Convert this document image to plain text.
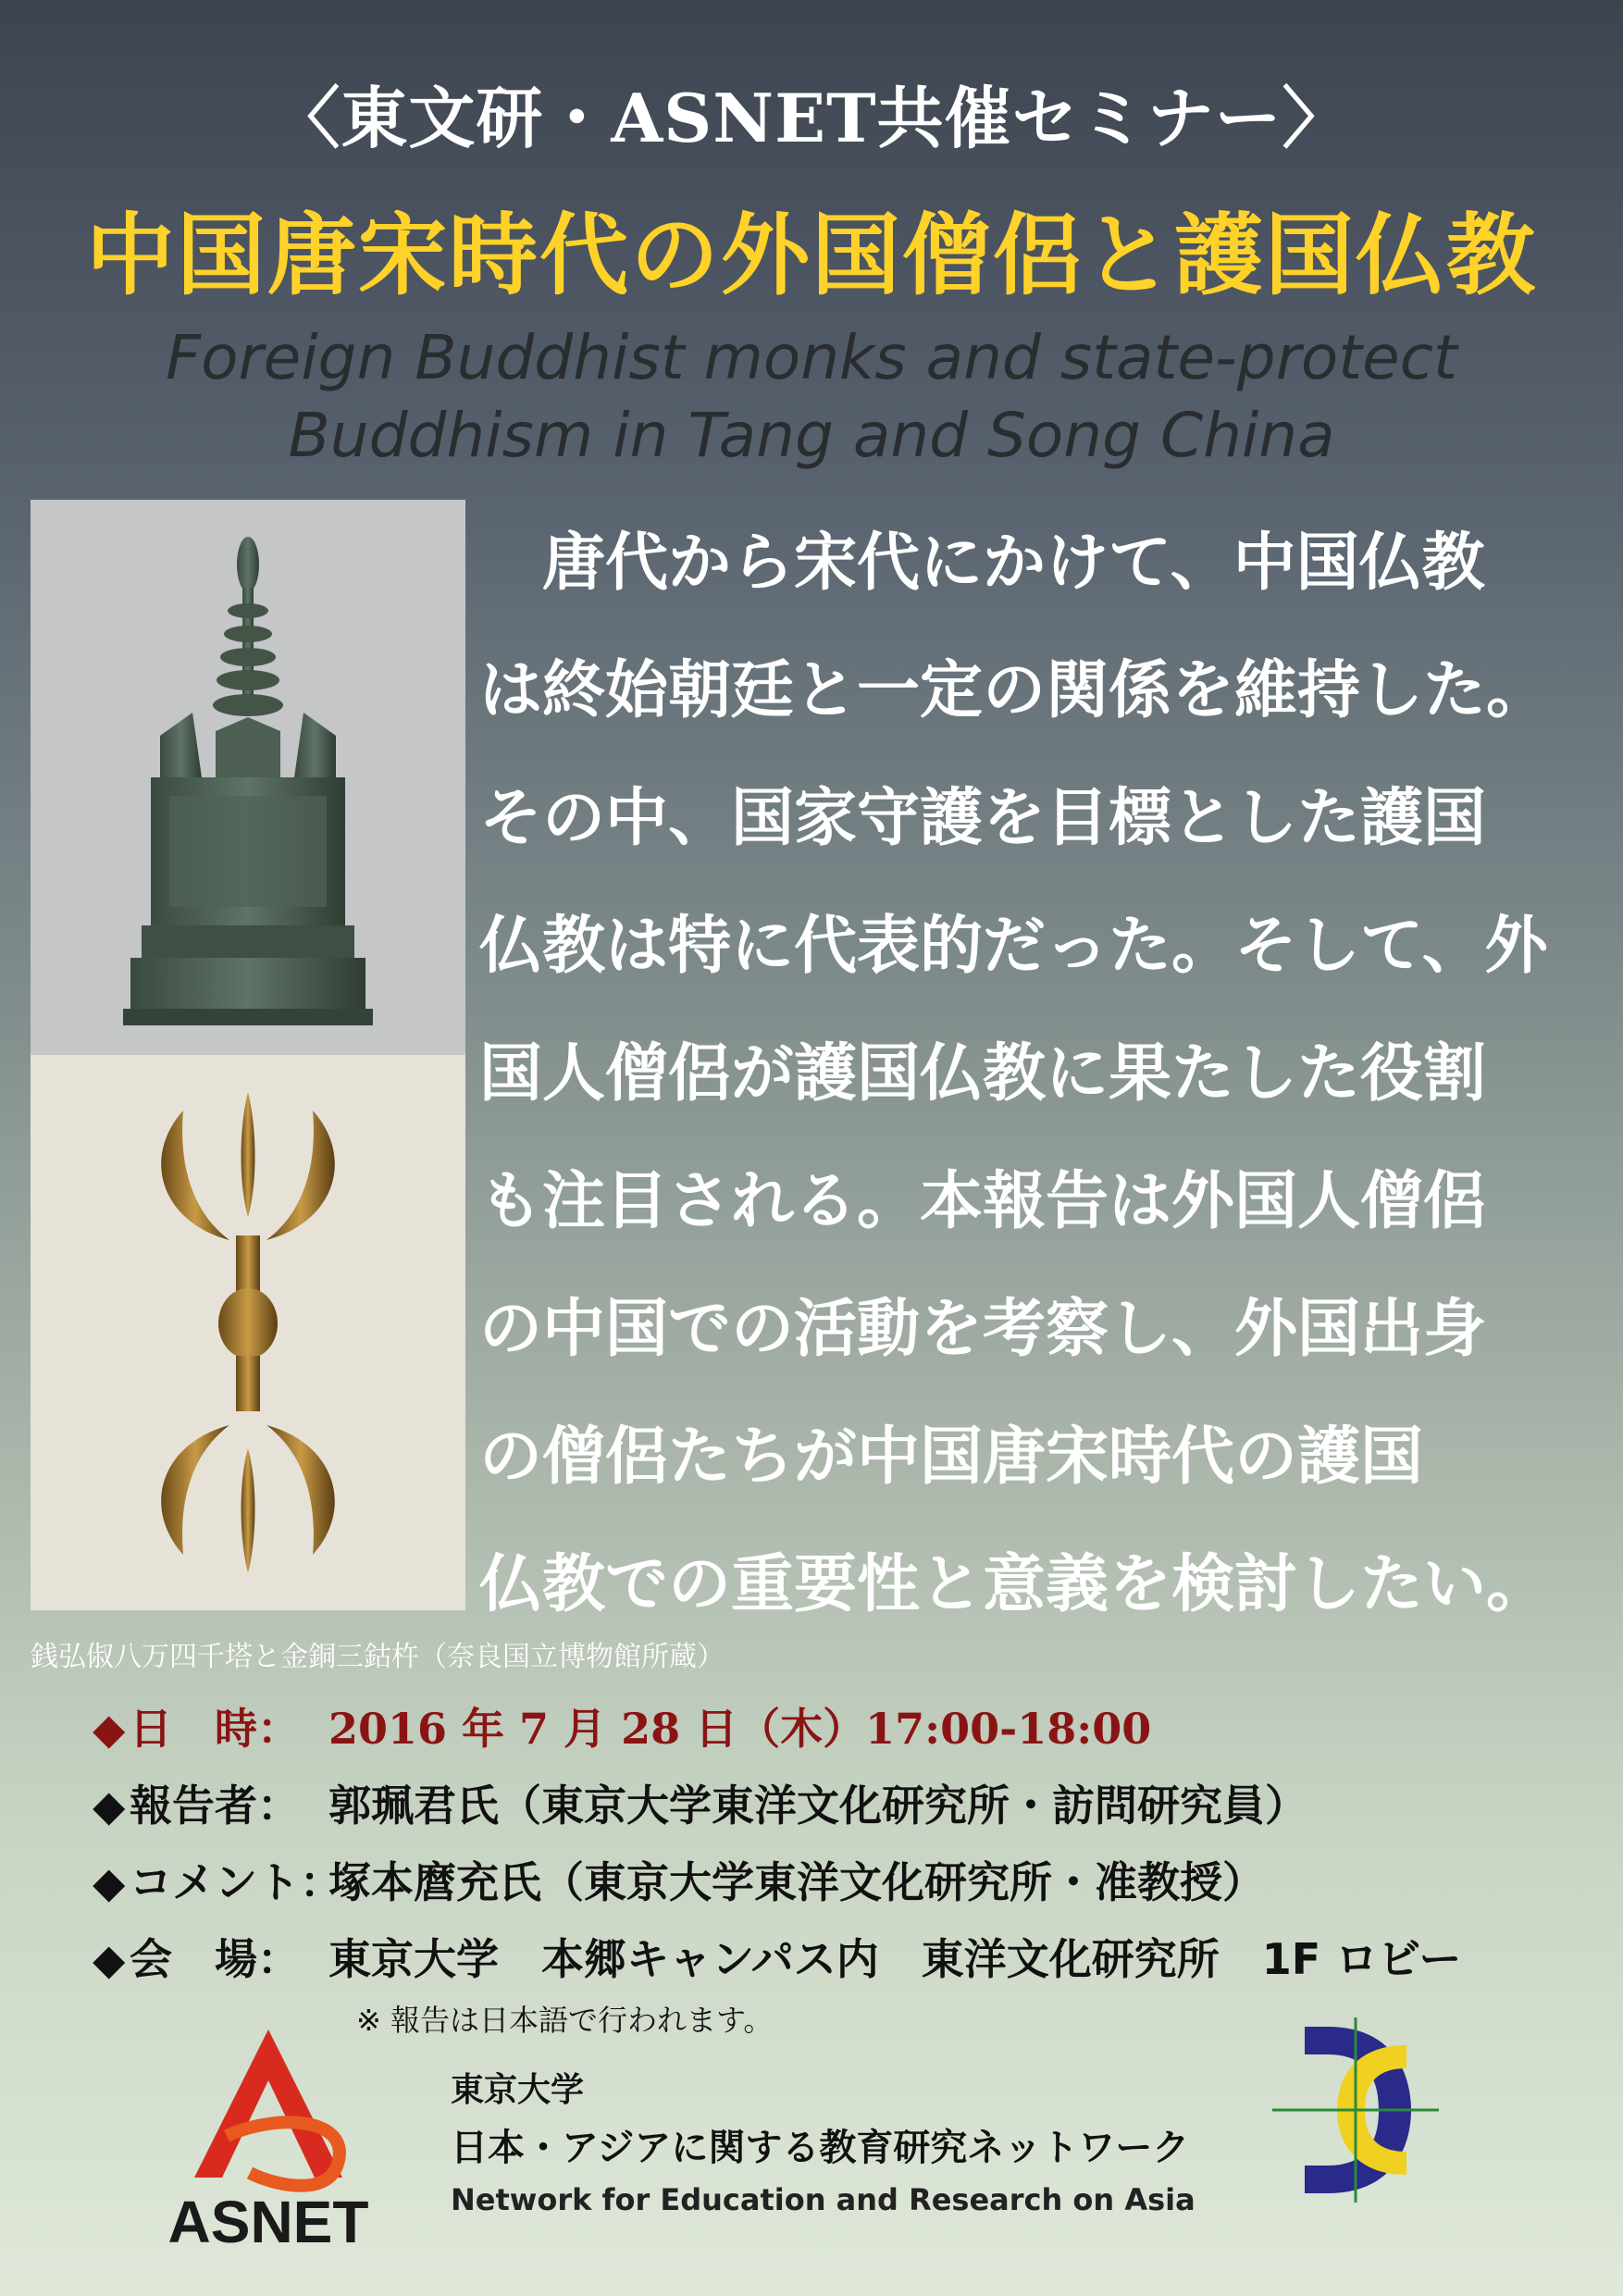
〈東文研・ASNET共催セミナー〉
中国唐宋時代の外国僧侶と護国仏教
Foreign Buddhist monks and state-protect
Buddhism in Tang and Song China
　唐代から宋代にかけて、中国仏教
は終始朝廷と一定の関係を維持した。
その中、国家守護を目標とした護国
仏教は特に代表的だった。そして、外
国人僧侶が護国仏教に果たした役割
も注目される。本報告は外国人僧侶
の中国での活動を考察し、外国出身
の僧侶たちが中国唐宋時代の護国
仏教での重要性と意義を検討したい。
銭弘俶八万四千塔と金銅三鈷杵（奈良国立博物館所蔵）
◆ 日　時： 2016 年 7 月 28 日（木）17:00-18:00
◆ 報告者： 郭珮君氏（東京大学東洋文化研究所・訪問研究員）
◆ コメント：塚本麿充氏（東京大学東洋文化研究所・准教授）
◆ 会　場： 東京大学　本郷キャンパス内　東洋文化研究所　1F ロビー
※ 報告は日本語で行われます。
ASNET
東京大学
日本・アジアに関する教育研究ネットワーク
Network for Education and Research on Asia
